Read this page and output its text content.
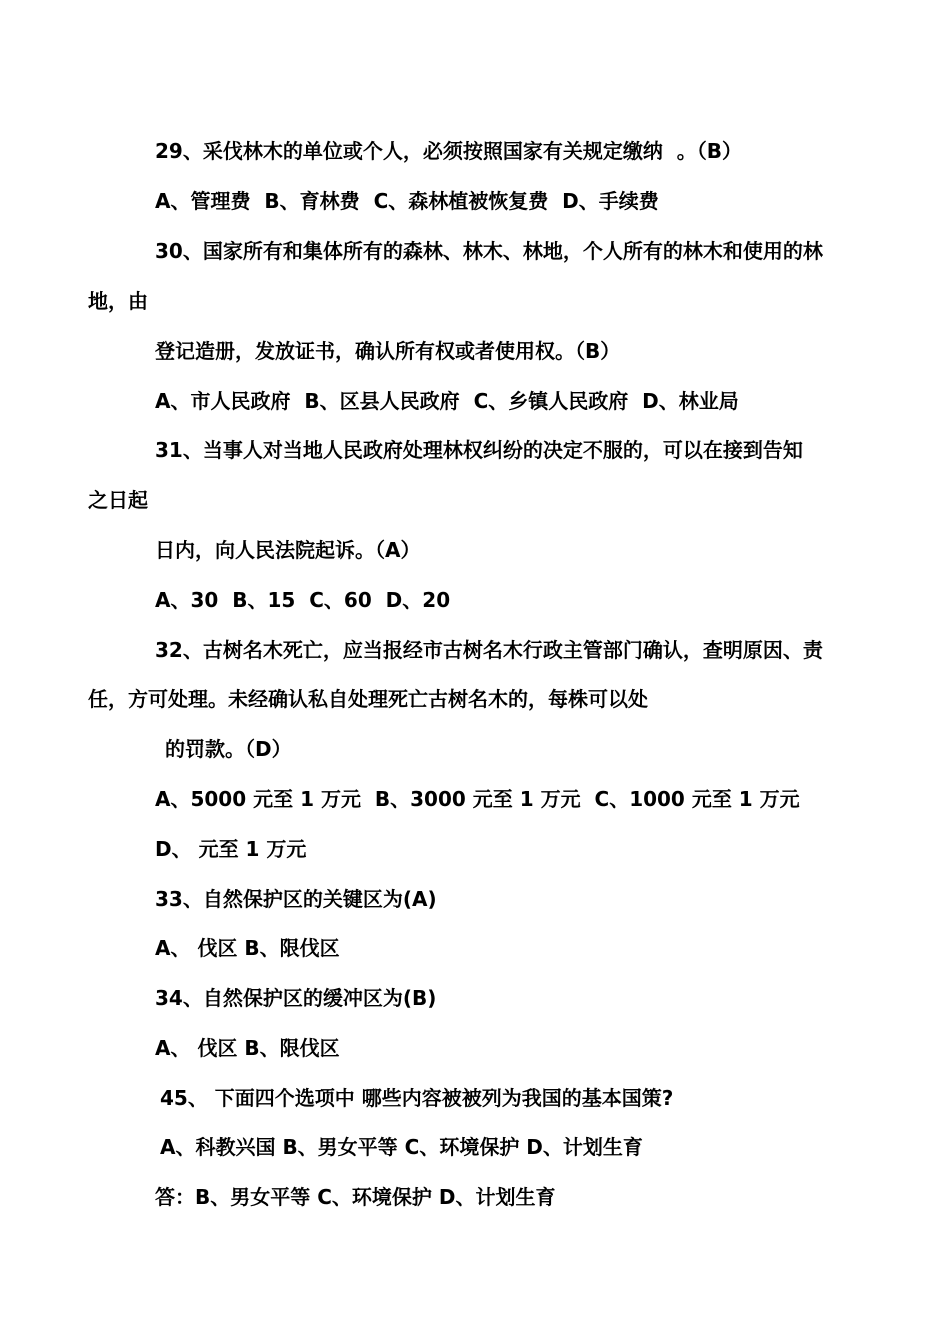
29、采伐林木的单位或个人，必须按照国家有关规定缴纳  。（B）
A、管理费  B、育林费  C、森林植被恢复费  D、手续费
30、国家所有和集体所有的森林、林木、林地，个人所有的林木和使用的林
地，由
登记造册，发放证书，确认所有权或者使用权。（B）
A、市人民政府  B、区县人民政府  C、乡镇人民政府  D、林业局
31、当事人对当地人民政府处理林权纠纷的决定不服的，可以在接到告知
之日起
日内，向人民法院起诉。（A）
A、30  B、15  C、60  D、20
32、古树名木死亡，应当报经市古树名木行政主管部门确认，查明原因、责
任，方可处理。未经确认私自处理死亡古树名木的，每株可以处
的罚款。（D）
A、5000 元至 1 万元  B、3000 元至 1 万元  C、1000 元至 1 万元
D、 元至 1 万元
33、自然保护区的关键区为(A)
A、 伐区 B、限伐区
34、自然保护区的缓冲区为(B)
A、 伐区 B、限伐区
45、 下面四个选项中 哪些内容被被列为我国的基本国策?
A、科教兴国 B、男女平等 C、环境保护 D、计划生育
答：B、男女平等 C、环境保护 D、计划生育
